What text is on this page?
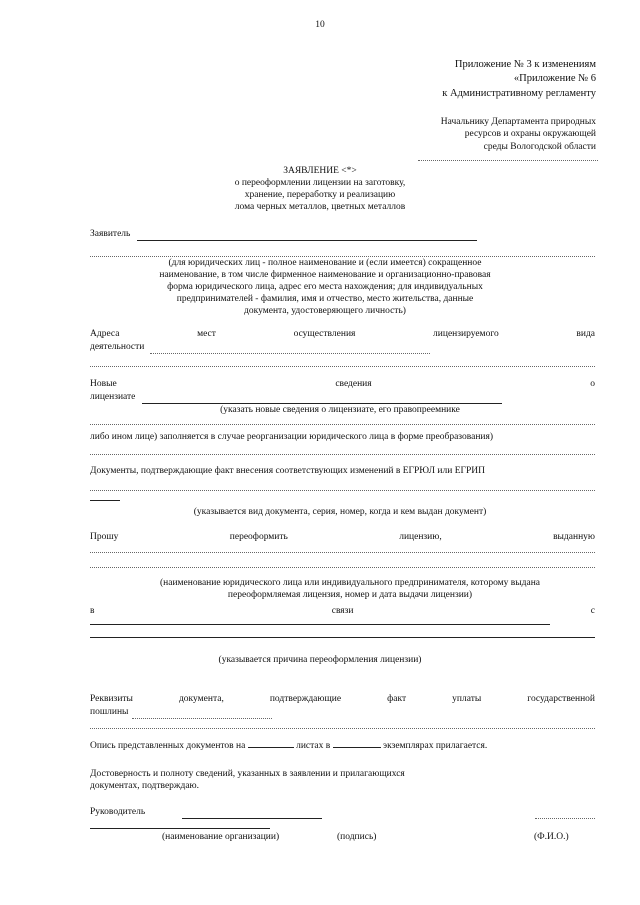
10
Приложение № 3 к изменениям
«Приложение № 6
к Административному регламенту
Начальнику Департамента природных
ресурсов и охраны окружающей
среды Вологодской области
ЗАЯВЛЕНИЕ <*>
о переоформлении лицензии на заготовку,
хранение, переработку и реализацию
лома черных металлов, цветных металлов
Заявитель
(для юридических лиц - полное наименование и (если имеется) сокращенное
наименование, в том числе фирменное наименование и организационно-правовая
форма юридического лица, адрес его места нахождения; для индивидуальных
предпринимателей - фамилия, имя и отчество, место жительства, данные
документа, удостоверяющего личность)
Адреса	мест	осуществления	лицензируемого	вида
деятельности
Новые	сведения	о
лицензиате
(указать новые сведения о лицензиате, его правопреемнике
либо ином лице) заполняется в случае реорганизации юридического лица в форме преобразования)
Документы, подтверждающие факт внесения соответствующих изменений в ЕГРЮЛ или ЕГРИП
(указывается вид документа, серия, номер, когда и кем выдан документ)
Прошу	переоформить	лицензию,	выданную
(наименование юридического лица или индивидуального предпринимателя, которому выдана
переоформляемая лицензия, номер и дата выдачи лицензии)
в	связи	с
(указывается причина переоформления лицензии)
Реквизиты	документа,	подтверждающие	факт	уплаты	государственной
пошлины
Опись представленных документов на	листах в	экземплярах прилагается.
Достоверность и полноту сведений, указанных в заявлении и прилагающихся
документах, подтверждаю.
Руководитель
(наименование организации)	(подпись)	(Ф.И.О.)
